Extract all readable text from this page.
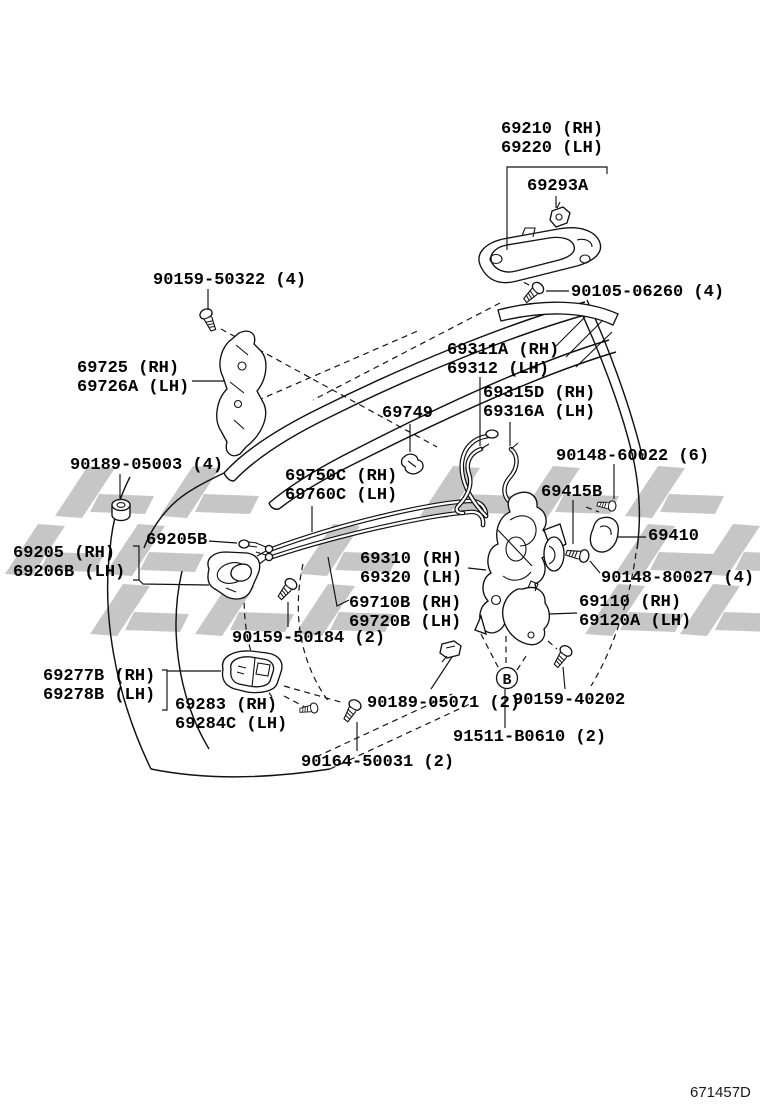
B
69210 (RH)
69220 (LH)
69293A
90105-06260 (4)
90159-50322 (4)
69725 (RH)
69726A (LH)
90189-05003 (4)
69749
69311A (RH)
69312 (LH)
69315D (RH)
69316A (LH)
90148-60022 (6)
69415B
69750C (RH)
69760C (LH)
69205B
69205 (RH)
69206B (LH)
69310 (RH)
69320 (LH)
69710B (RH)
69720B (LH)
90159-50184 (2)
69410
90148-80027 (4)
69110 (RH)
69120A (LH)
69277B (RH)
69278B (LH)
69283 (RH)
69284C (LH)
90189-05071 (2)
90159-40202
91511-B0610 (2)
90164-50031 (2)
671457D
